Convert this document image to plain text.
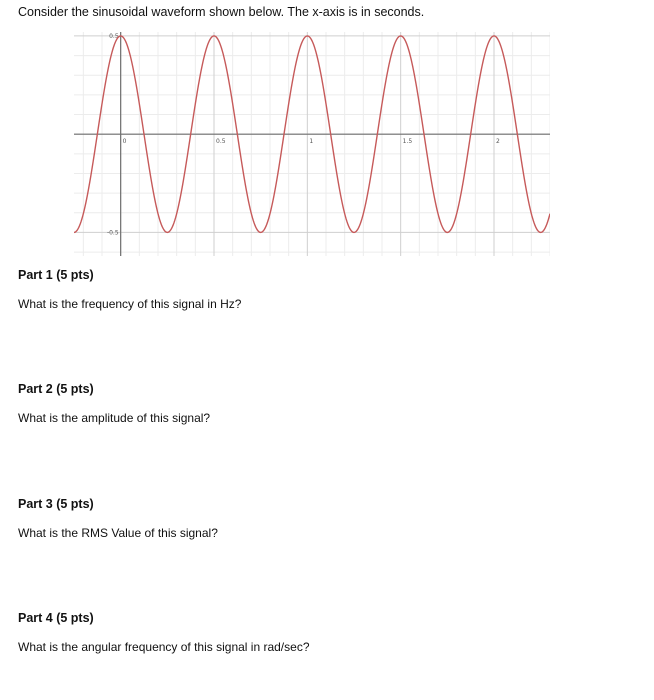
Consider the sinusoidal waveform shown below. The x-axis is in seconds.

0	0.5	1	1.5	2
0.5
-0.5
Part 1 (5 pts)

What is the frequency of this signal in Hz?

Part 2 (5 pts)

What is the amplitude of this signal?

Part 3 (5 pts)

What is the RMS Value of this signal?

Part 4 (5 pts)

What is the angular frequency of this signal in rad/sec?
